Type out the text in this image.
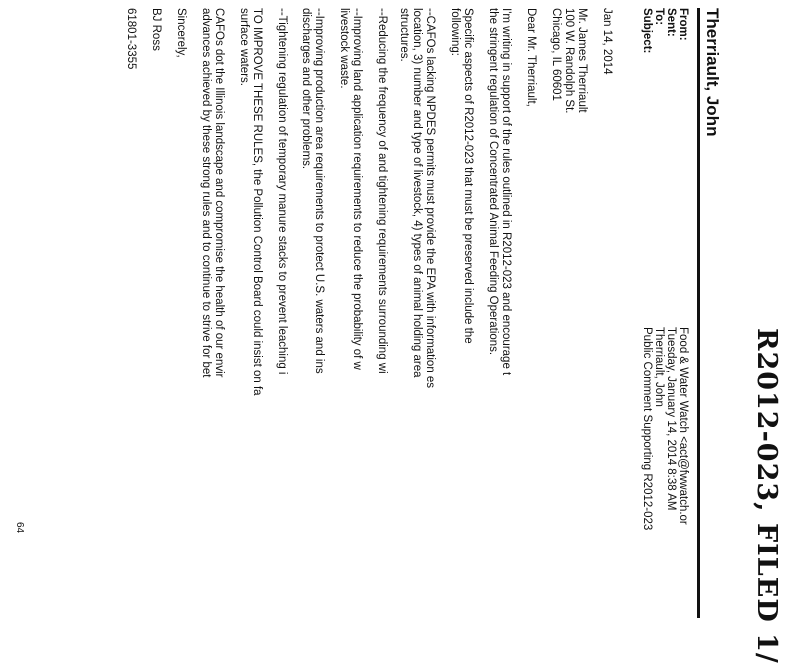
R2012-023, FILED 1/
Therriault, John
From:
Sent:
To:
Subject:
Food & Water Watch <act@fwwatch.or
Tuesday, January 14, 2014 8:38 AM
Therriault, John
Public Comment Supporting R2012-023
Jan 14, 2014
Mr. James Therriault
100 W. Randolph St.
Chicago, IL 60601
Dear Mr. Therriault,
I'm writing in support of the rules outlined in R2012-023 and encourage t
the stringent regulation of Concentrated Animal Feeding Operations.
Specific aspects of R2012-023 that must be preserved include the
following:
--CAFOs lacking NPDES permits must provide the EPA with information es
location, 3) number and type of livestock, 4) types of animal holding area
structures.
--Reducing the frequency of and tightening requirements surrounding wi
--Improving land application requirements to reduce the probability of w
livestock waste.
--Improving production area requirements to protect U.S. waters and ins
discharges and other problems.
--Tightening regulation of temporary manure stacks to prevent leaching i
TO IMPROVE THESE RULES, the Pollution Control Board could insist on fa
surface waters.
CAFOs dot the Illinois landscape and compromise the health of our envir
advances achieved by these strong rules and to continue to strive for bet
Sincerely,
BJ Ross
61801-3355
64
